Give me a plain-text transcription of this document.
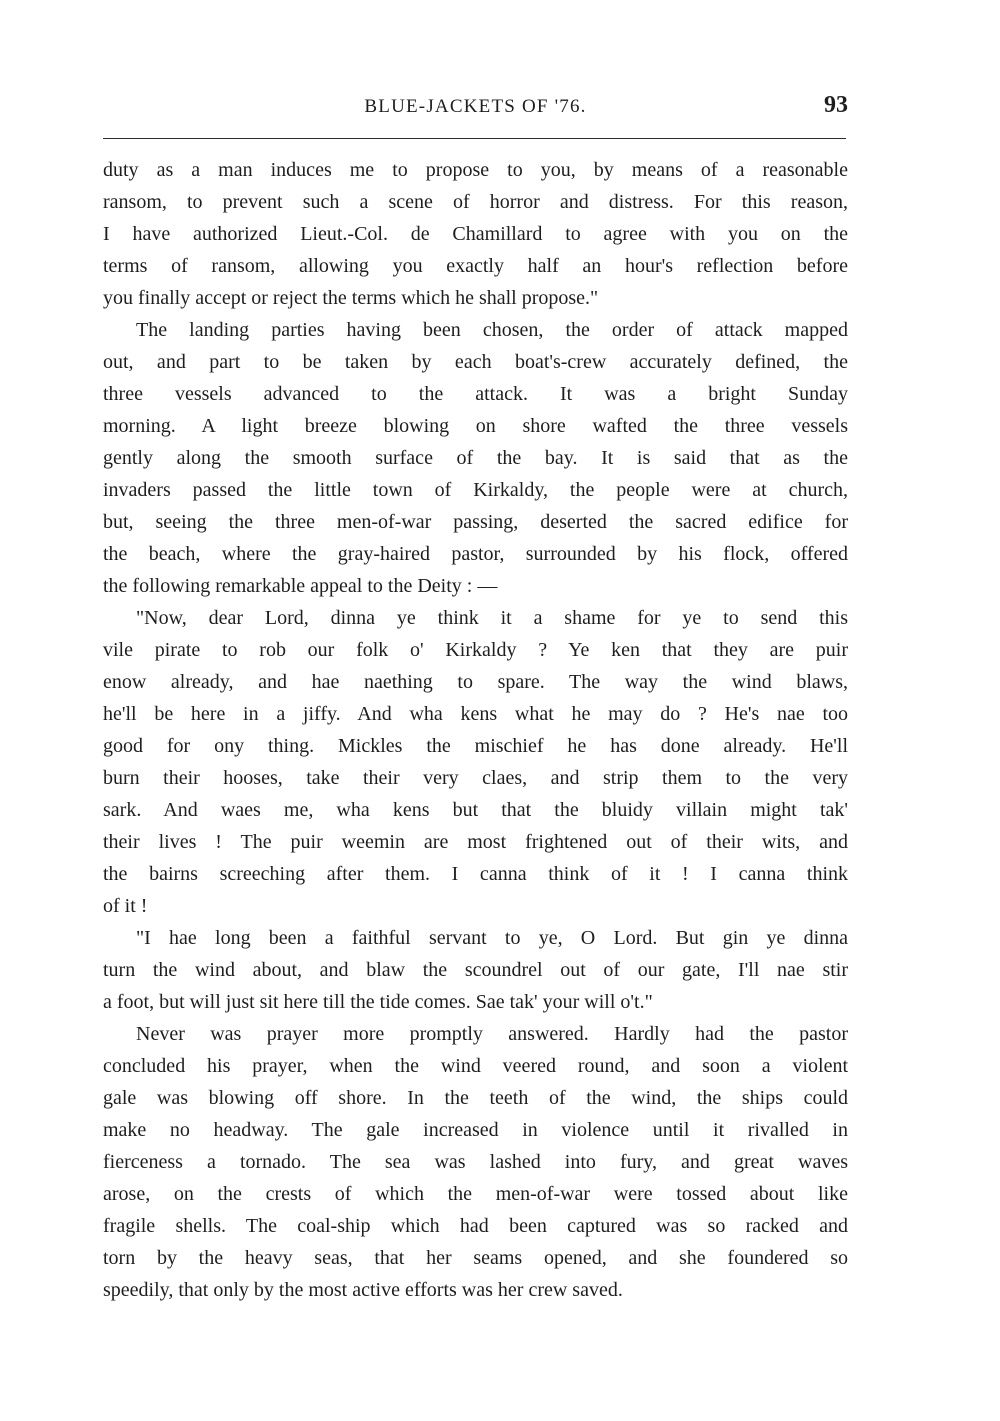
BLUE-JACKETS OF '76.	93
duty as a man induces me to propose to you, by means of a reasonable
ransom, to prevent such a scene of horror and distress. For this reason,
I have authorized Lieut.-Col. de Chamillard to agree with you on the
terms of ransom, allowing you exactly half an hour's reflection before
you finally accept or reject the terms which he shall propose."
The landing parties having been chosen, the order of attack mapped
out, and part to be taken by each boat's-crew accurately defined, the
three vessels advanced to the attack. It was a bright Sunday
morning. A light breeze blowing on shore wafted the three vessels
gently along the smooth surface of the bay. It is said that as the
invaders passed the little town of Kirkaldy, the people were at church,
but, seeing the three men-of-war passing, deserted the sacred edifice for
the beach, where the gray-haired pastor, surrounded by his flock, offered
the following remarkable appeal to the Deity : —
"Now, dear Lord, dinna ye think it a shame for ye to send this
vile pirate to rob our folk o' Kirkaldy ? Ye ken that they are puir
enow already, and hae naething to spare. The way the wind blaws,
he'll be here in a jiffy. And wha kens what he may do ? He's nae too
good for ony thing. Mickles the mischief he has done already. He'll
burn their hooses, take their very claes, and strip them to the very
sark. And waes me, wha kens but that the bluidy villain might tak'
their lives ! The puir weemin are most frightened out of their wits, and
the bairns screeching after them. I canna think of it ! I canna think
of it !
"I hae long been a faithful servant to ye, O Lord. But gin ye dinna
turn the wind about, and blaw the scoundrel out of our gate, I'll nae stir
a foot, but will just sit here till the tide comes. Sae tak' your will o't."
Never was prayer more promptly answered. Hardly had the pastor
concluded his prayer, when the wind veered round, and soon a violent
gale was blowing off shore. In the teeth of the wind, the ships could
make no headway. The gale increased in violence until it rivalled in
fierceness a tornado. The sea was lashed into fury, and great waves
arose, on the crests of which the men-of-war were tossed about like
fragile shells. The coal-ship which had been captured was so racked and
torn by the heavy seas, that her seams opened, and she foundered so
speedily, that only by the most active efforts was her crew saved.
